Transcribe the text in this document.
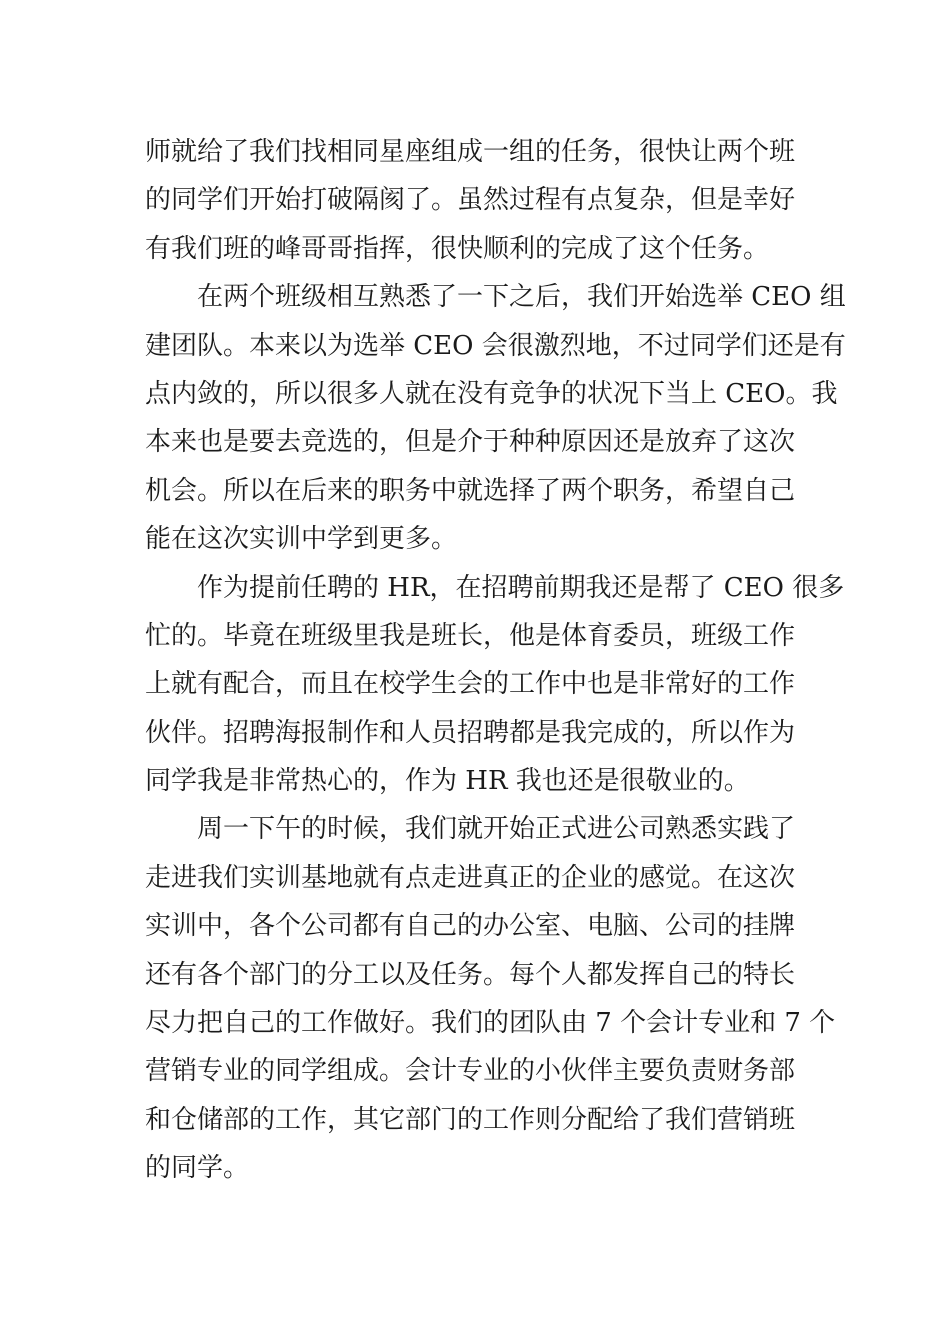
师就给了我们找相同星座组成一组的任务，很快让两个班
的同学们开始打破隔阂了。虽然过程有点复杂，但是幸好
有我们班的峰哥哥指挥，很快顺利的完成了这个任务。
在两个班级相互熟悉了一下之后，我们开始选举 CEO 组
建团队。本来以为选举 CEO 会很激烈地，不过同学们还是有
点内敛的，所以很多人就在没有竞争的状况下当上 CEO。我
本来也是要去竞选的，但是介于种种原因还是放弃了这次
机会。所以在后来的职务中就选择了两个职务，希望自己
能在这次实训中学到更多。
作为提前任聘的 HR，在招聘前期我还是帮了 CEO 很多
忙的。毕竟在班级里我是班长，他是体育委员，班级工作
上就有配合，而且在校学生会的工作中也是非常好的工作
伙伴。招聘海报制作和人员招聘都是我完成的，所以作为
同学我是非常热心的，作为 HR 我也还是很敬业的。
周一下午的时候，我们就开始正式进公司熟悉实践了
走进我们实训基地就有点走进真正的企业的感觉。在这次
实训中，各个公司都有自己的办公室、电脑、公司的挂牌
还有各个部门的分工以及任务。每个人都发挥自己的特长
尽力把自己的工作做好。我们的团队由 7 个会计专业和 7 个
营销专业的同学组成。会计专业的小伙伴主要负责财务部
和仓储部的工作，其它部门的工作则分配给了我们营销班
的同学。
